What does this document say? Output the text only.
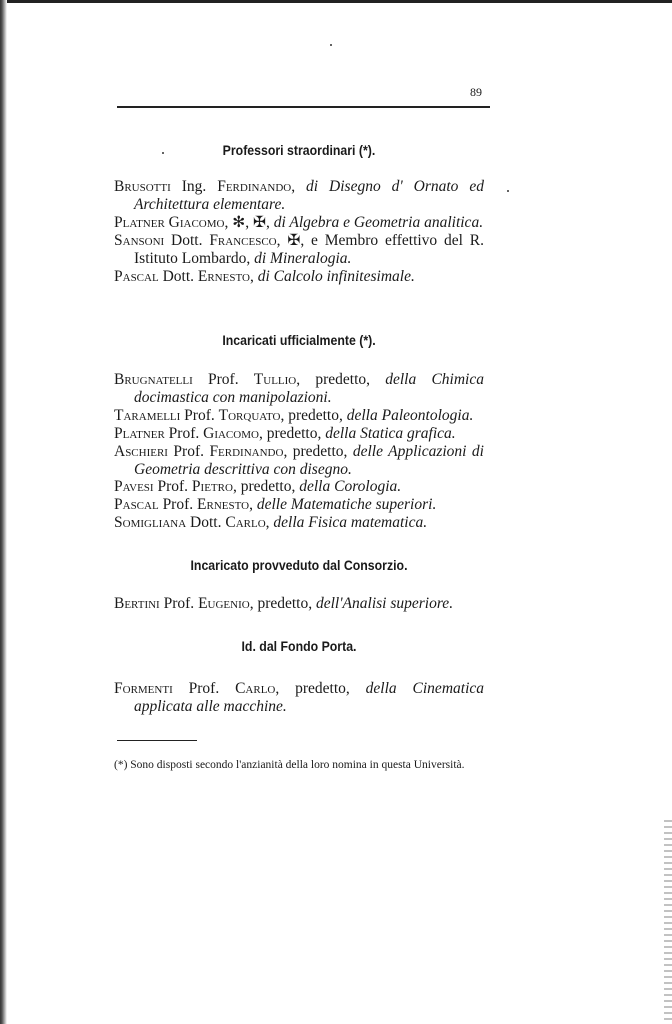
89
Professori straordinari (*).
Brusotti Ing. Ferdinando, di Disegno d' Ornato ed Architettura elementare.
Platner Giacomo, ✻, ✠, di Algebra e Geometria analitica.
Sansoni Dott. Francesco, ✠, e Membro effettivo del R. Istituto Lombardo, di Mineralogia.
Pascal Dott. Ernesto, di Calcolo infinitesimale.
Incaricati ufficialmente (*).
Brugnatelli Prof. Tullio, predetto, della Chimica docimastica con manipolazioni.
Taramelli Prof. Torquato, predetto, della Paleontologia.
Platner Prof. Giacomo, predetto, della Statica grafica.
Aschieri Prof. Ferdinando, predetto, delle Applicazioni di Geometria descrittiva con disegno.
Pavesi Prof. Pietro, predetto, della Corologia.
Pascal Prof. Ernesto, delle Matematiche superiori.
Somigliana Dott. Carlo, della Fisica matematica.
Incaricato provveduto dal Consorzio.
Bertini Prof. Eugenio, predetto, dell'Analisi superiore.
Id. dal Fondo Porta.
Formenti Prof. Carlo, predetto, della Cinematica applicata alle macchine.
(*) Sono disposti secondo l'anzianità della loro nomina in questa Università.
